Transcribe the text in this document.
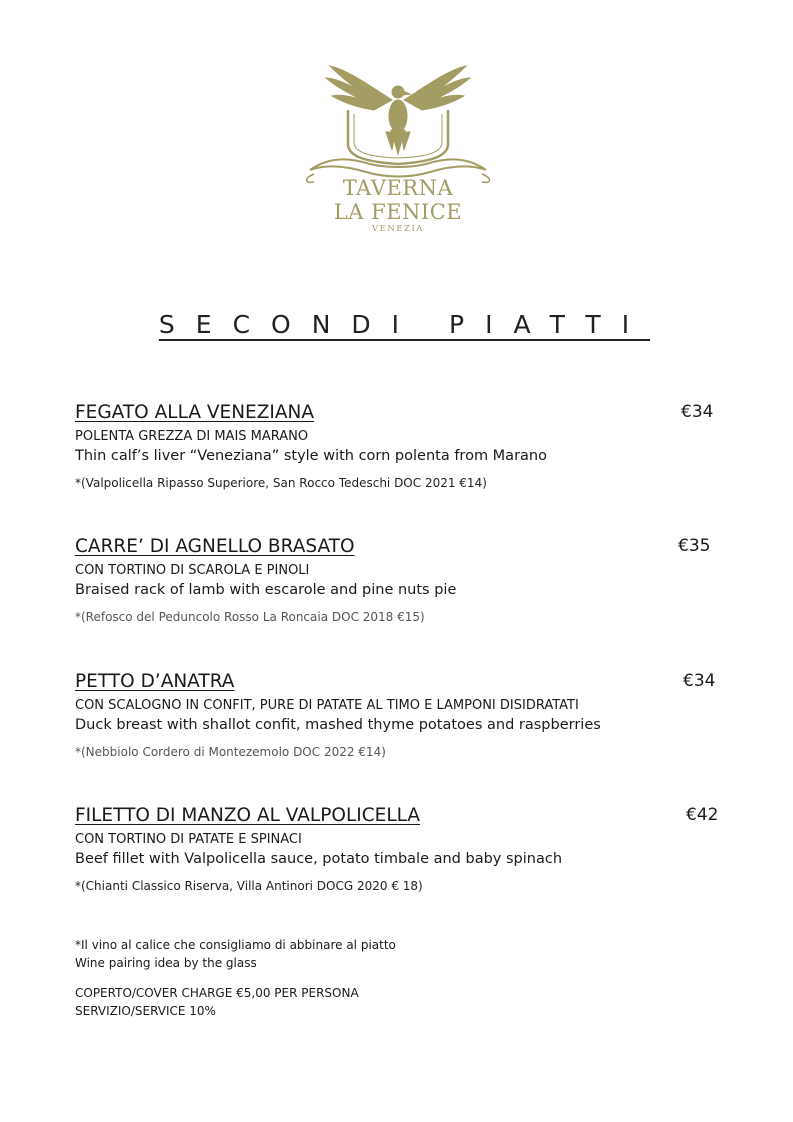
TAVERNA
LA FENICE
VENEZIA
SECONDI PIATTI
FEGATO ALLA VENEZIANA	€34
POLENTA GREZZA DI MAIS MARANO
Thin calf’s liver “Veneziana” style with corn polenta from Marano
*(Valpolicella Ripasso Superiore, San Rocco Tedeschi DOC 2021 €14)
CARRE’ DI AGNELLO BRASATO	€35
CON TORTINO DI SCAROLA E PINOLI
Braised rack of lamb with escarole and pine nuts pie
*(Refosco del Peduncolo Rosso La Roncaia DOC 2018 €15)
PETTO D’ANATRA	€34
CON SCALOGNO IN CONFIT, PURE DI PATATE AL TIMO E LAMPONI DISIDRATATI
Duck breast with shallot confit, mashed thyme potatoes and raspberries
*(Nebbiolo Cordero di Montezemolo DOC 2022 €14)
FILETTO DI MANZO AL VALPOLICELLA	€42
CON TORTINO DI PATATE E SPINACI
Beef fillet with Valpolicella sauce, potato timbale and baby spinach
*(Chianti Classico Riserva, Villa Antinori DOCG 2020 € 18)
*Il vino al calice che consigliamo di abbinare al piatto
Wine pairing idea by the glass
COPERTO/COVER CHARGE €5,00 PER PERSONA
SERVIZIO/SERVICE 10%
